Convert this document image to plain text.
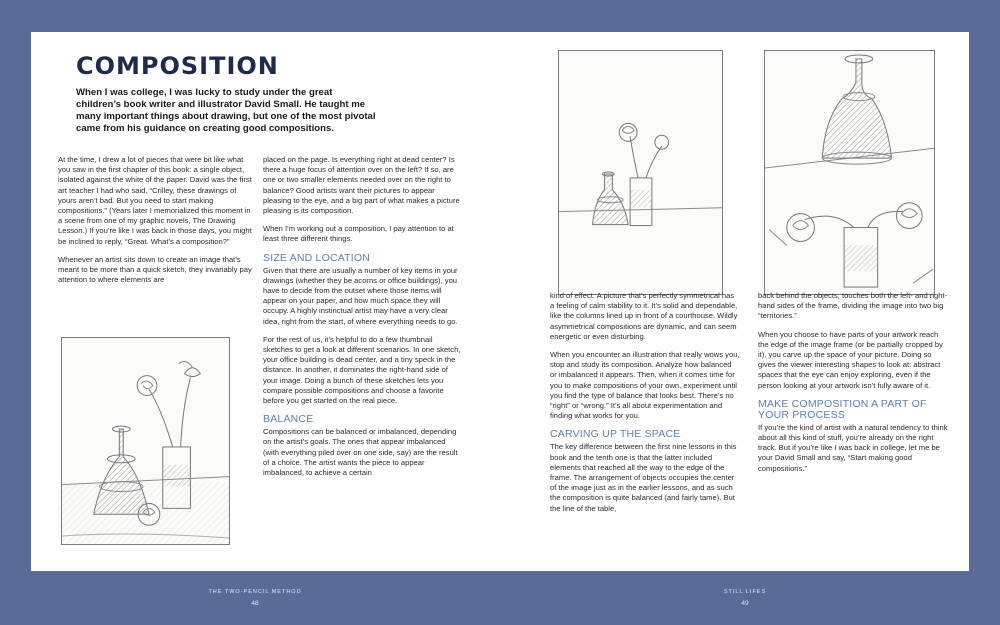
COMPOSITION

When I was college, I was lucky to study under the great children’s book writer and illustrator David Small. He taught me many important things about drawing, but one of the most pivotal came from his guidance on creating good compositions.

At the time, I drew a lot of pieces that were bit like what you saw in the first chapter of this book: a single object, isolated against the white of the paper. David was the first art teacher I had who said, “Crilley, these drawings of yours aren’t bad. But you need to start making compositions.” (Years later I memorialized this moment in a scene from one of my graphic novels, The Drawing Lesson.) If you’re like I was back in those days, you might be inclined to reply, “Great. What’s a composition?”

Whenever an artist sits down to create an image that’s meant to be more than a quick sketch, they invariably pay attention to where elements are

placed on the page. Is everything right at dead center? Is there a huge focus of attention over on the left? If so, are one or two smaller elements needed over on the right to balance? Good artists want their pictures to appear pleasing to the eye, and a big part of what makes a picture pleasing is its composition.

When I’m working out a composition, I pay attention to at least three different things.

SIZE AND LOCATION

Given that there are usually a number of key items in your drawings (whether they be acorns or office buildings), you have to decide from the outset where those items will appear on your paper, and how much space they will occupy. A highly instinctual artist may have a very clear idea, right from the start, of where everything needs to go.

For the rest of us, it’s helpful to do a few thumbnail sketches to get a look at different scenarios. In one sketch, your office building is dead center, and a tiny speck in the distance. In another, it dominates the right-hand side of your image. Doing a bunch of these sketches lets you compare possible compositions and choose a favorite before you get started on the real piece.

BALANCE

Compositions can be balanced or imbalanced, depending on the artist’s goals. The ones that appear imbalanced (with everything piled over on one side, say) are the result of a choice. The artist wants the piece to appear imbalanced, to achieve a certain

kind of effect. A picture that’s perfectly symmetrical has a feeling of calm stability to it. It’s solid and dependable, like the columns lined up in front of a courthouse. Wildly asymmetrical compositions are dynamic, and can seem energetic or even disturbing.

When you encounter an illustration that really wows you, stop and study its composition. Analyze how balanced or imbalanced it appears. Then, when it comes time for you to make compositions of your own, experiment until you find the type of balance that looks best. There’s no “right” or “wrong.” It’s all about experimentation and finding what works for you.

CARVING UP THE SPACE

The key difference between the first nine lessons in this book and the tenth one is that the latter included elements that reached all the way to the edge of the frame. The arrangement of objects occupies the center of the image just as in the earlier lessons, and as such the composition is quite balanced (and fairly tame). But the line of the table,

back behind the objects, touches both the left- and right-hand sides of the frame, dividing the image into two big “territories.”

When you choose to have parts of your artwork reach the edge of the image frame (or be partially cropped by it), you carve up the space of your picture. Doing so gives the viewer interesting shapes to look at: abstract spaces that the eye can enjoy exploring, even if the person looking at your artwork isn’t fully aware of it.

MAKE COMPOSITION A PART OF YOUR PROCESS

If you’re the kind of artist with a natural tendency to think about all this kind of stuff, you’re already on the right track. But if you’re like I was back in college, let me be your David Small and say, “Start making good compositions.”

THE TWO-PENCIL METHOD
48
STILL LIFES
49
